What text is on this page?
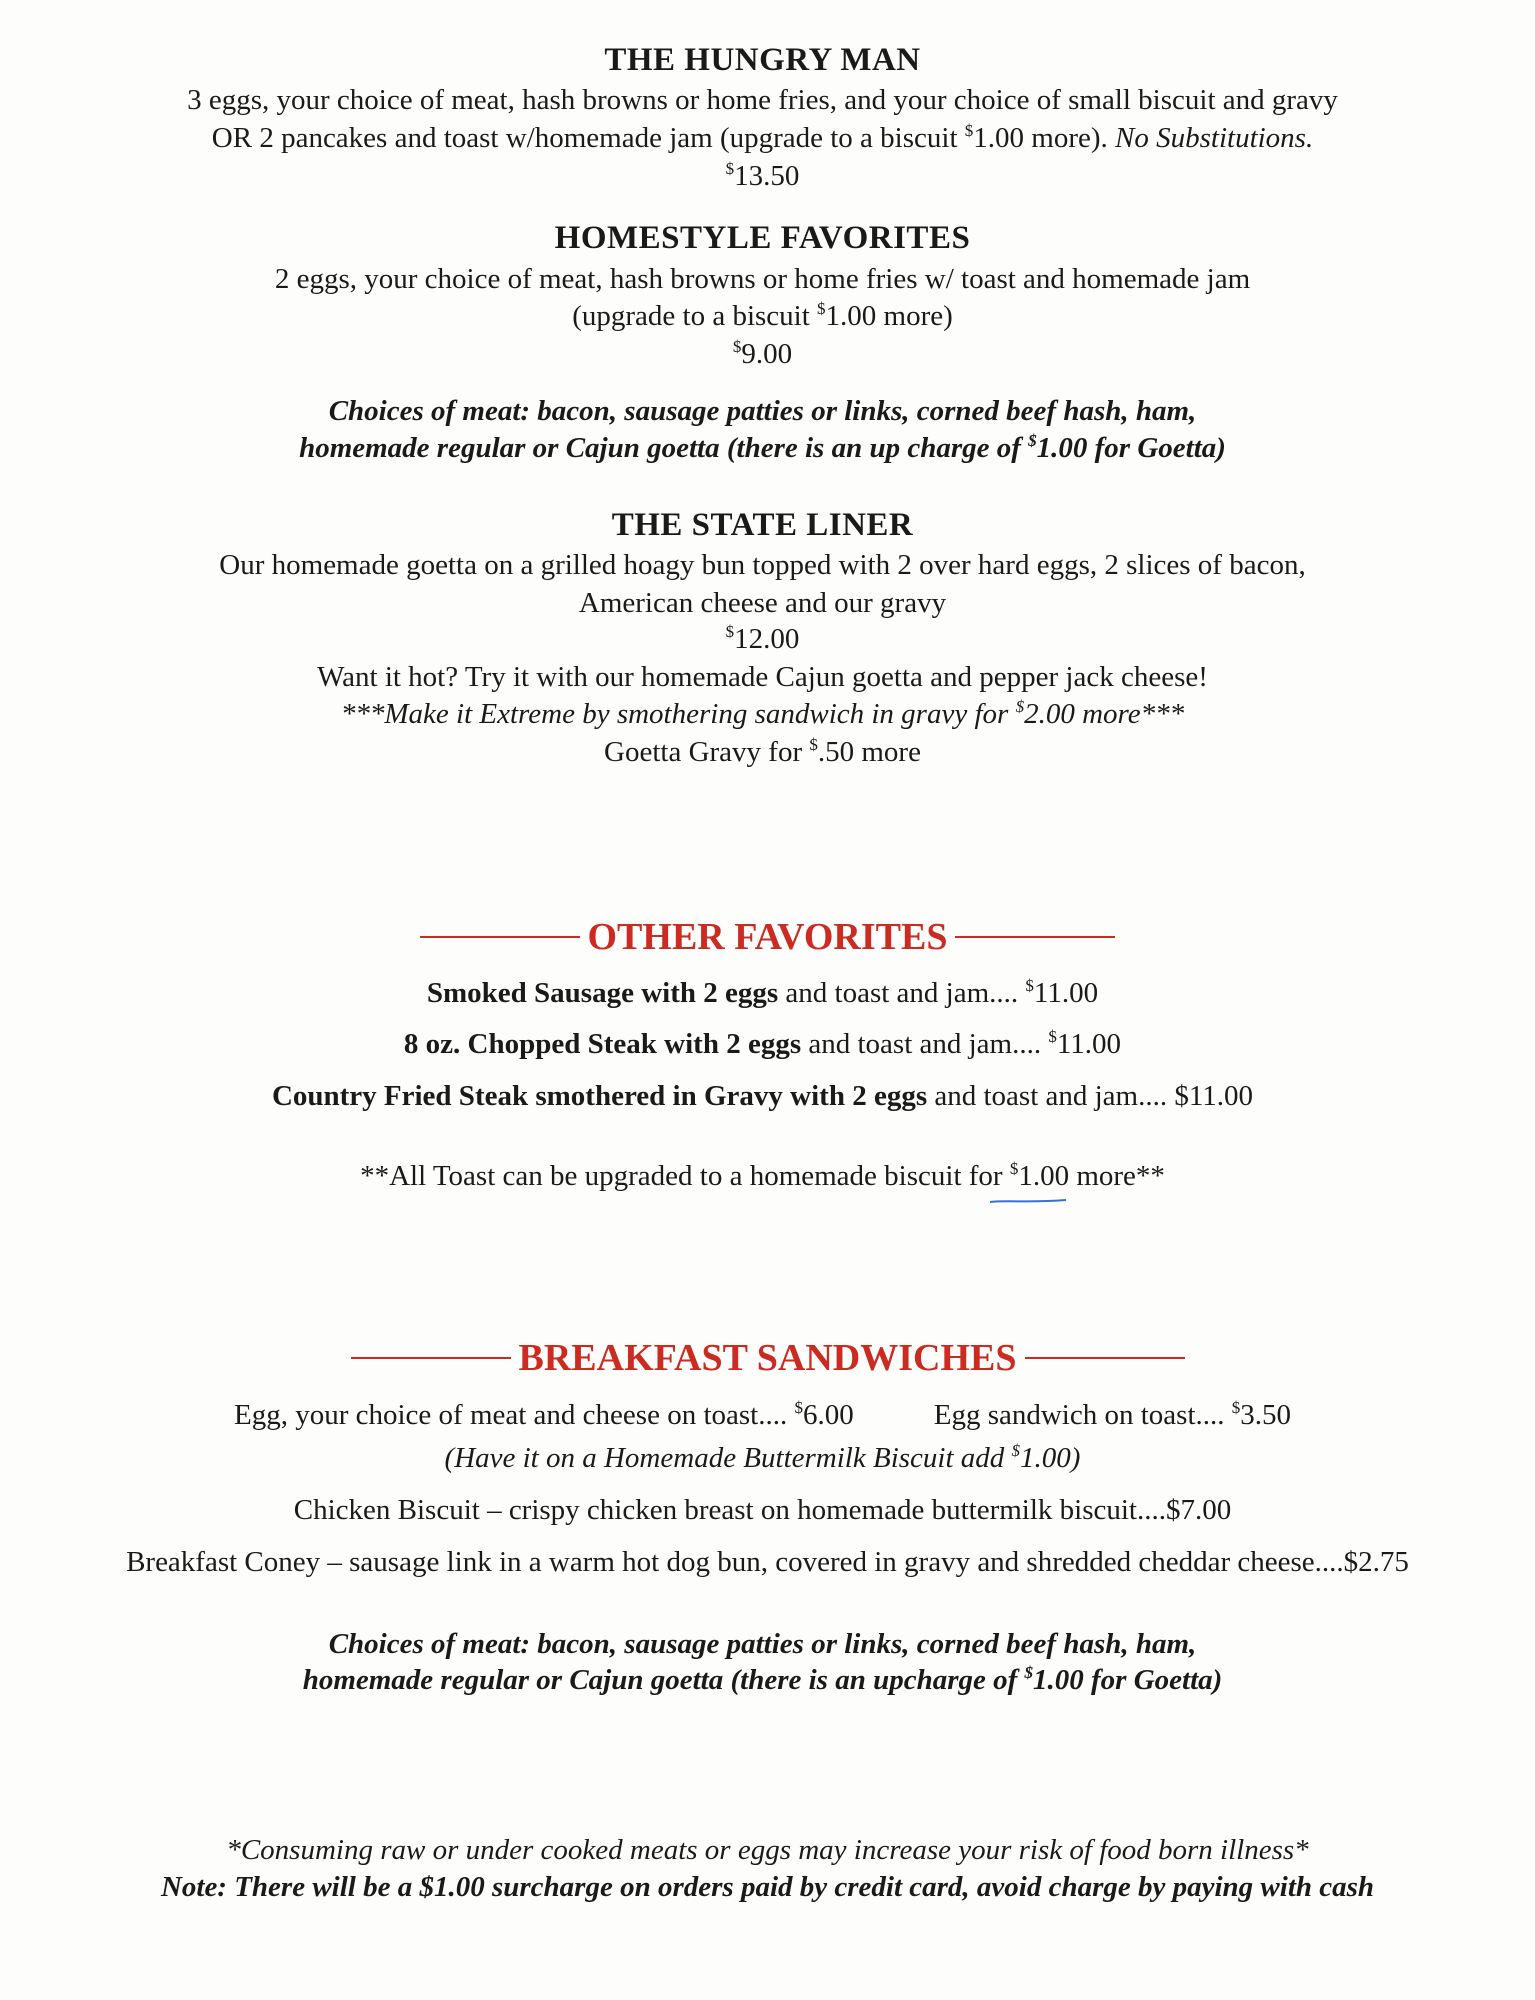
THE HUNGRY MAN
3 eggs, your choice of meat, hash browns or home fries, and your choice of small biscuit and gravy
OR 2 pancakes and toast w/homemade jam (upgrade to a biscuit $1.00 more). No Substitutions.
$13.50
HOMESTYLE FAVORITES
2 eggs, your choice of meat, hash browns or home fries w/ toast and homemade jam
(upgrade to a biscuit $1.00 more)
$9.00
Choices of meat: bacon, sausage patties or links, corned beef hash, ham,
homemade regular or Cajun goetta (there is an up charge of $1.00 for Goetta)
THE STATE LINER
Our homemade goetta on a grilled hoagy bun topped with 2 over hard eggs, 2 slices of bacon,
American cheese and our gravy
$12.00
Want it hot? Try it with our homemade Cajun goetta and pepper jack cheese!
***Make it Extreme by smothering sandwich in gravy for $2.00 more***
Goetta Gravy for $.50 more
OTHER FAVORITES
Smoked Sausage with 2 eggs and toast and jam.... $11.00
8 oz. Chopped Steak with 2 eggs and toast and jam.... $11.00
Country Fried Steak smothered in Gravy with 2 eggs and toast and jam.... $11.00
**All Toast can be upgraded to a homemade biscuit for $1.00 more**
BREAKFAST SANDWICHES
Egg, your choice of meat and cheese on toast.... $6.00	Egg sandwich on toast.... $3.50
(Have it on a Homemade Buttermilk Biscuit add $1.00)
Chicken Biscuit – crispy chicken breast on homemade buttermilk biscuit....$7.00
Breakfast Coney – sausage link in a warm hot dog bun, covered in gravy and shredded cheddar cheese....$2.75
Choices of meat: bacon, sausage patties or links, corned beef hash, ham,
homemade regular or Cajun goetta (there is an upcharge of $1.00 for Goetta)
*Consuming raw or under cooked meats or eggs may increase your risk of food born illness*
Note: There will be a $1.00 surcharge on orders paid by credit card, avoid charge by paying with cash
